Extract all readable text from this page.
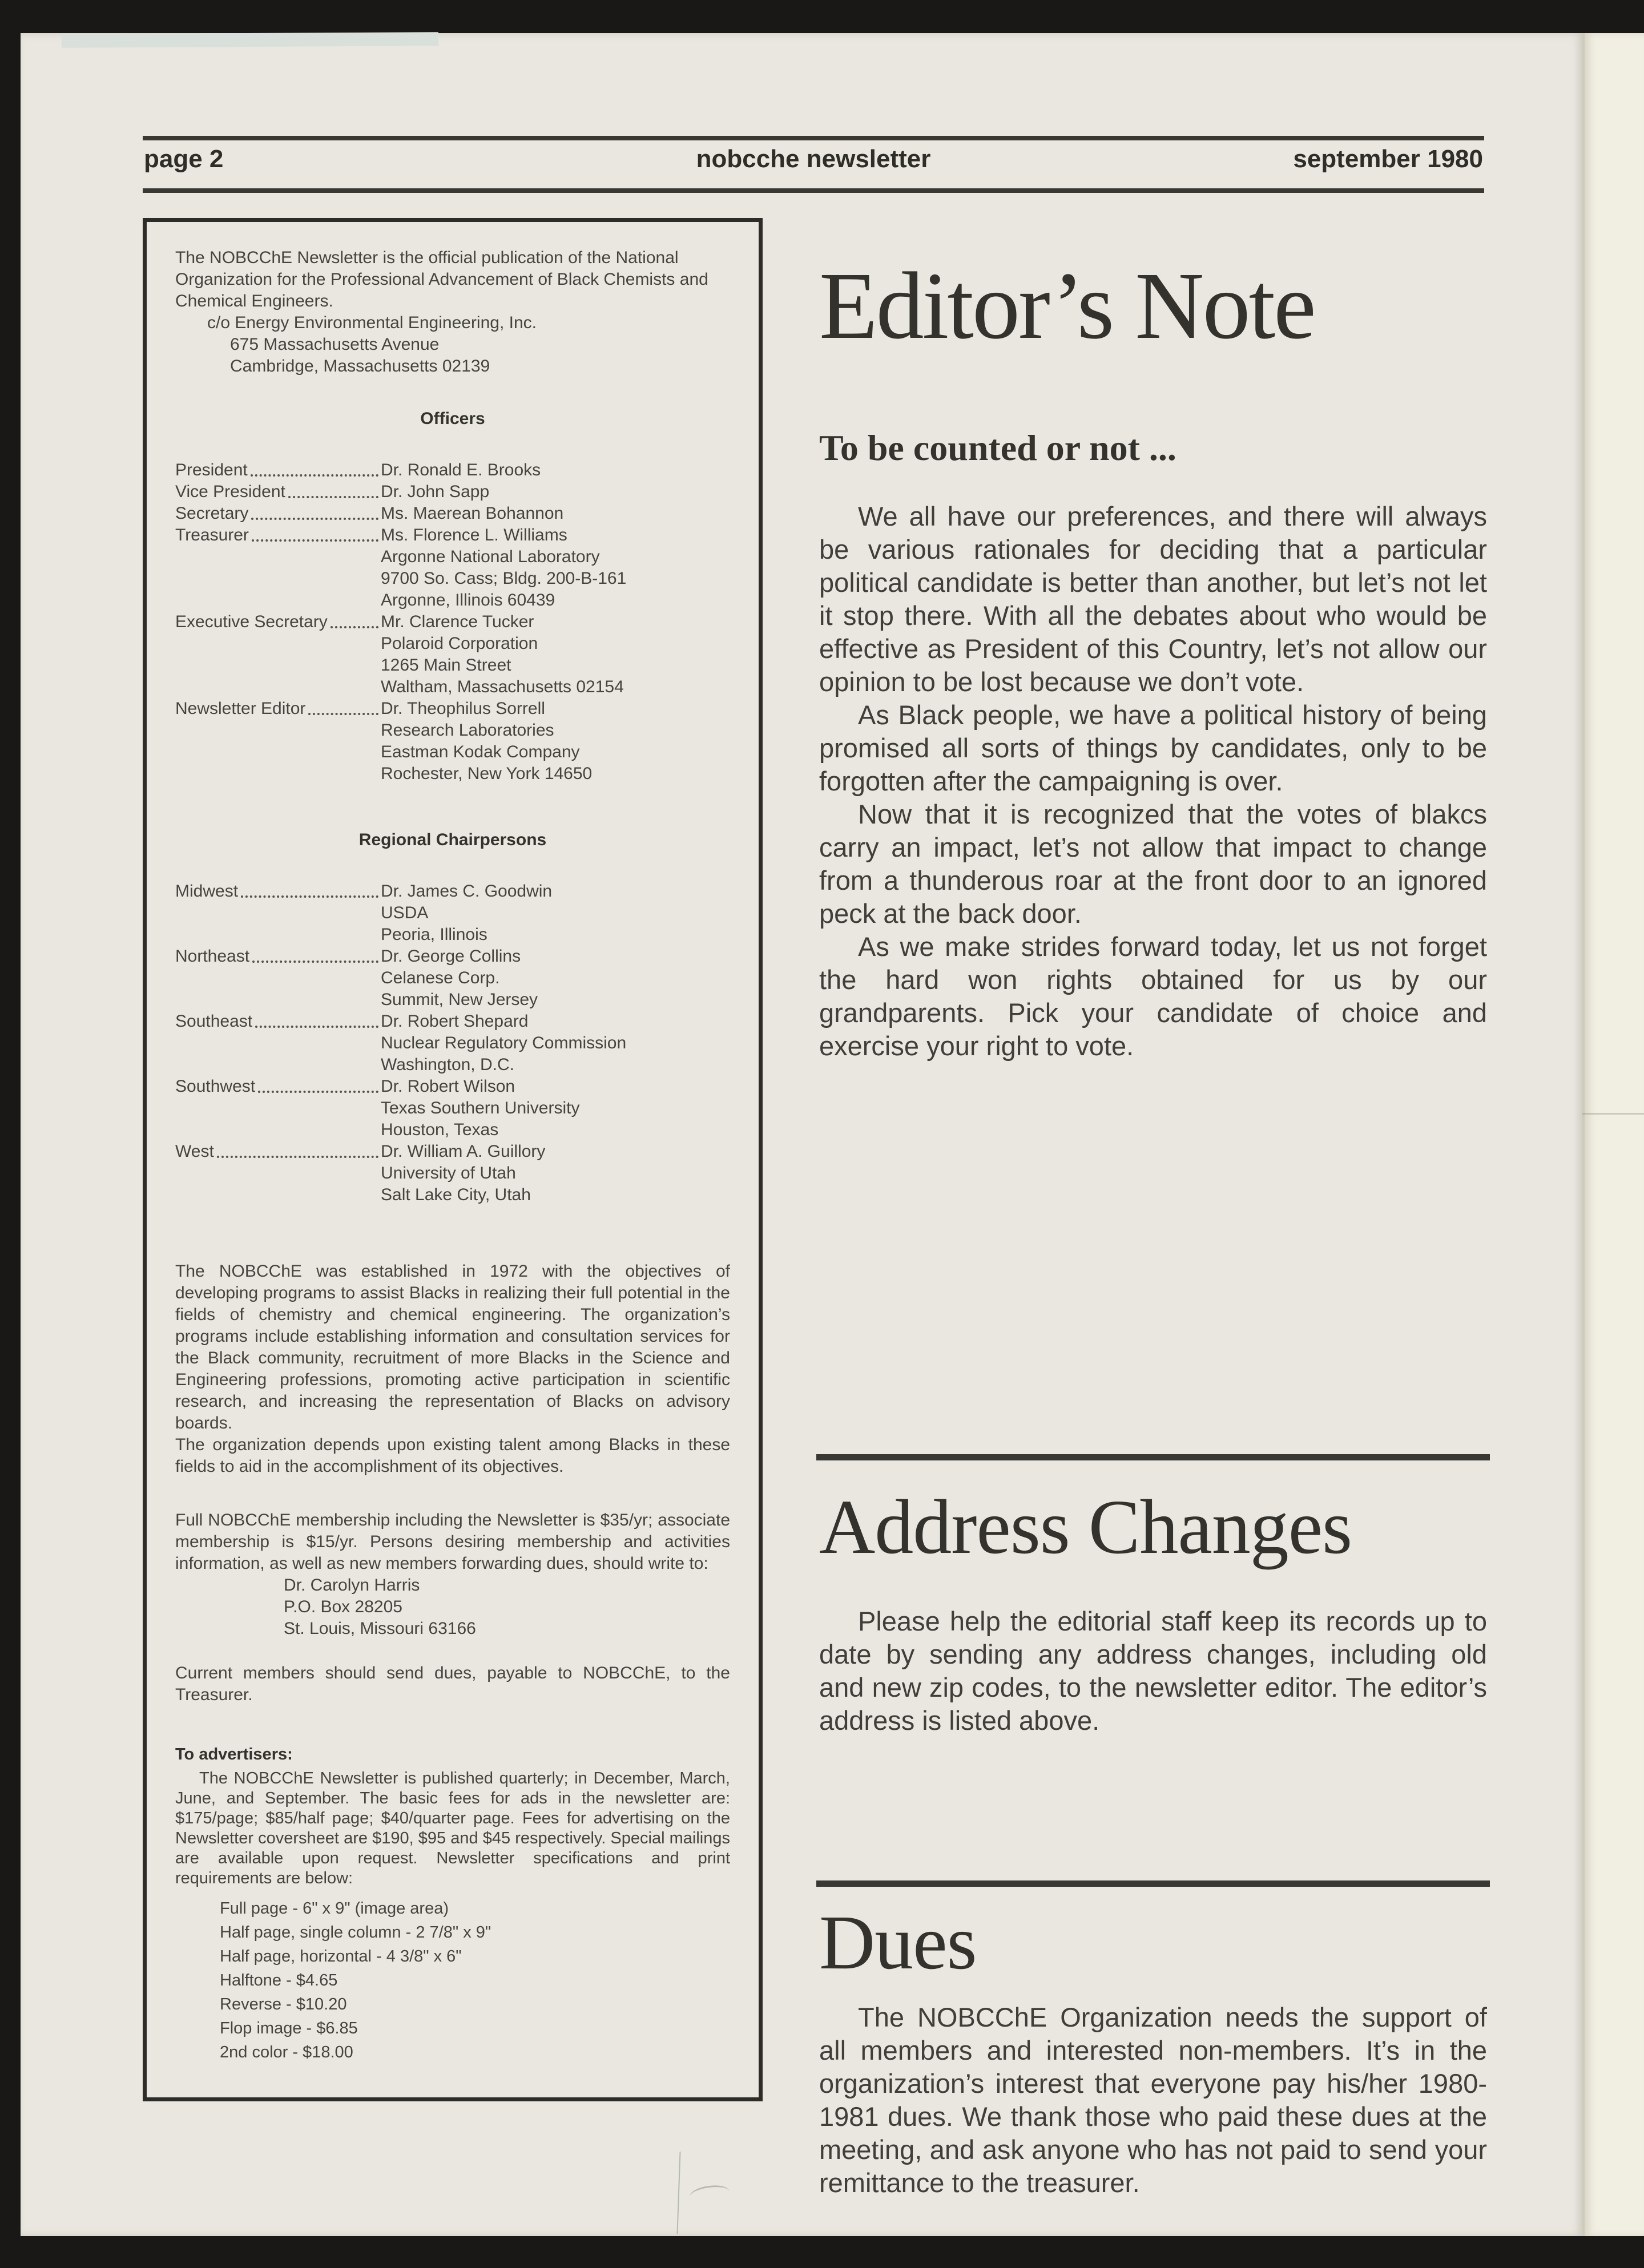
page 2	nobcche newsletter	september 1980
The NOBCChE Newsletter is the official publication of the National Organization for the Professional Advancement of Black Chemists and Chemical Engineers.
c/o Energy Environmental Engineering, Inc.
675 Massachusetts Avenue
Cambridge, Massachusetts 02139
Officers
President	Dr. Ronald E. Brooks
Vice President	Dr. John Sapp
Secretary	Ms. Maerean Bohannon
Treasurer	Ms. Florence L. Williams
Argonne National Laboratory
9700 So. Cass; Bldg. 200-B-161
Argonne, Illinois 60439
Executive Secretary	Mr. Clarence Tucker
Polaroid Corporation
1265 Main Street
Waltham, Massachusetts 02154
Newsletter Editor	Dr. Theophilus Sorrell
Research Laboratories
Eastman Kodak Company
Rochester, New York 14650
Regional Chairpersons
Midwest	Dr. James C. Goodwin
USDA
Peoria, Illinois
Northeast	Dr. George Collins
Celanese Corp.
Summit, New Jersey
Southeast	Dr. Robert Shepard
Nuclear Regulatory Commission
Washington, D.C.
Southwest	Dr. Robert Wilson
Texas Southern University
Houston, Texas
West	Dr. William A. Guillory
University of Utah
Salt Lake City, Utah
The NOBCChE was established in 1972 with the objectives of developing programs to assist Blacks in realizing their full potential in the fields of chemistry and chemical engineering. The organization’s programs include establishing information and consultation services for the Black community, recruitment of more Blacks in the Science and Engineering professions, promoting active participation in scientific research, and increasing the representation of Blacks on advisory boards.
The organization depends upon existing talent among Blacks in these fields to aid in the accomplishment of its objectives.
Full NOBCChE membership including the Newsletter is $35/yr; associate membership is $15/yr. Persons desiring membership and activities information, as well as new members forwarding dues, should write to:
Dr. Carolyn Harris
P.O. Box 28205
St. Louis, Missouri 63166
Current members should send dues, payable to NOBCChE, to the Treasurer.
To advertisers:
The NOBCChE Newsletter is published quarterly; in December, March, June, and September. The basic fees for ads in the newsletter are: $175/page; $85/half page; $40/quarter page. Fees for advertising on the Newsletter coversheet are $190, $95 and $45 respectively. Special mailings are available upon request. Newsletter specifications and print requirements are below:
Full page - 6" x 9" (image area)
Half page, single column - 2 7/8" x 9"
Half page, horizontal - 4 3/8" x 6"
Halftone - $4.65
Reverse - $10.20
Flop image - $6.85
2nd color - $18.00
Editor’s Note
To be counted or not ...

We all have our preferences, and there will always be various rationales for deciding that a particular political candidate is better than another, but let’s not let it stop there. With all the debates about who would be effective as President of this Country, let’s not allow our opinion to be lost because we don’t vote.

As Black people, we have a political history of being promised all sorts of things by candidates, only to be forgotten after the campaigning is over.

Now that it is recognized that the votes of blakcs carry an impact, let’s not allow that impact to change from a thunderous roar at the front door to an ignored peck at the back door.

As we make strides forward today, let us not forget the hard won rights obtained for us by our grandparents. Pick your candidate of choice and exercise your right to vote.

Address Changes

Please help the editorial staff keep its records up to date by sending any address changes, including old and new zip codes, to the newsletter editor. The editor’s address is listed above.

Dues

The NOBCChE Organization needs the support of all members and interested non-members. It’s in the organization’s interest that everyone pay his/her 1980-1981 dues. We thank those who paid these dues at the meeting, and ask anyone who has not paid to send your remittance to the treasurer.
